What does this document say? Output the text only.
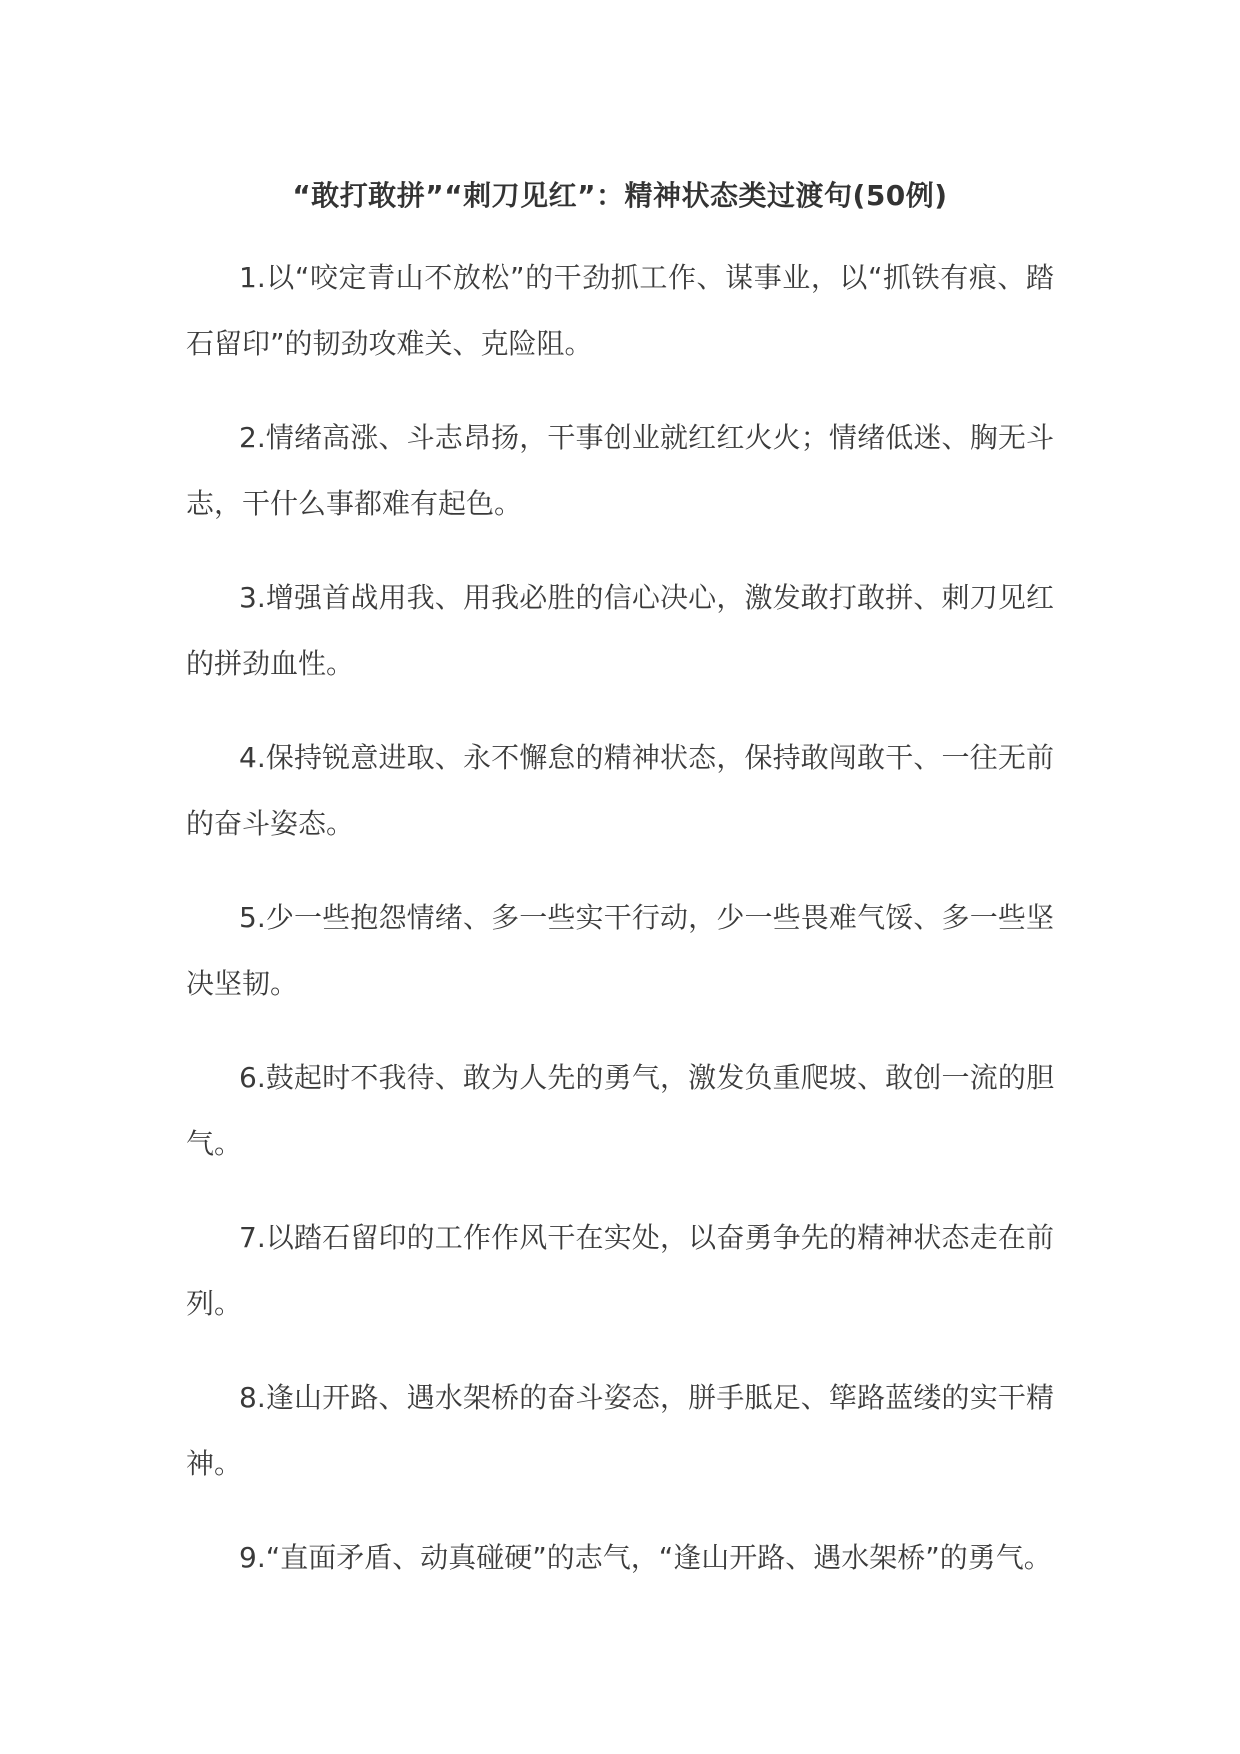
“敢打敢拼”“刺刀见红”：精神状态类过渡句(50例)

1.以“咬定青山不放松”的干劲抓工作、谋事业，以“抓铁有痕、踏石留印”的韧劲攻难关、克险阻。

2.情绪高涨、斗志昂扬，干事创业就红红火火；情绪低迷、胸无斗志，干什么事都难有起色。

3.增强首战用我、用我必胜的信心决心，激发敢打敢拼、刺刀见红的拼劲血性。

4.保持锐意进取、永不懈怠的精神状态，保持敢闯敢干、一往无前的奋斗姿态。

5.少一些抱怨情绪、多一些实干行动，少一些畏难气馁、多一些坚决坚韧。

6.鼓起时不我待、敢为人先的勇气，激发负重爬坡、敢创一流的胆气。

7.以踏石留印的工作作风干在实处，以奋勇争先的精神状态走在前列。

8.逢山开路、遇水架桥的奋斗姿态，胼手胝足、筚路蓝缕的实干精神。

9.“直面矛盾、动真碰硬”的志气，“逢山开路、遇水架桥”的勇气。
